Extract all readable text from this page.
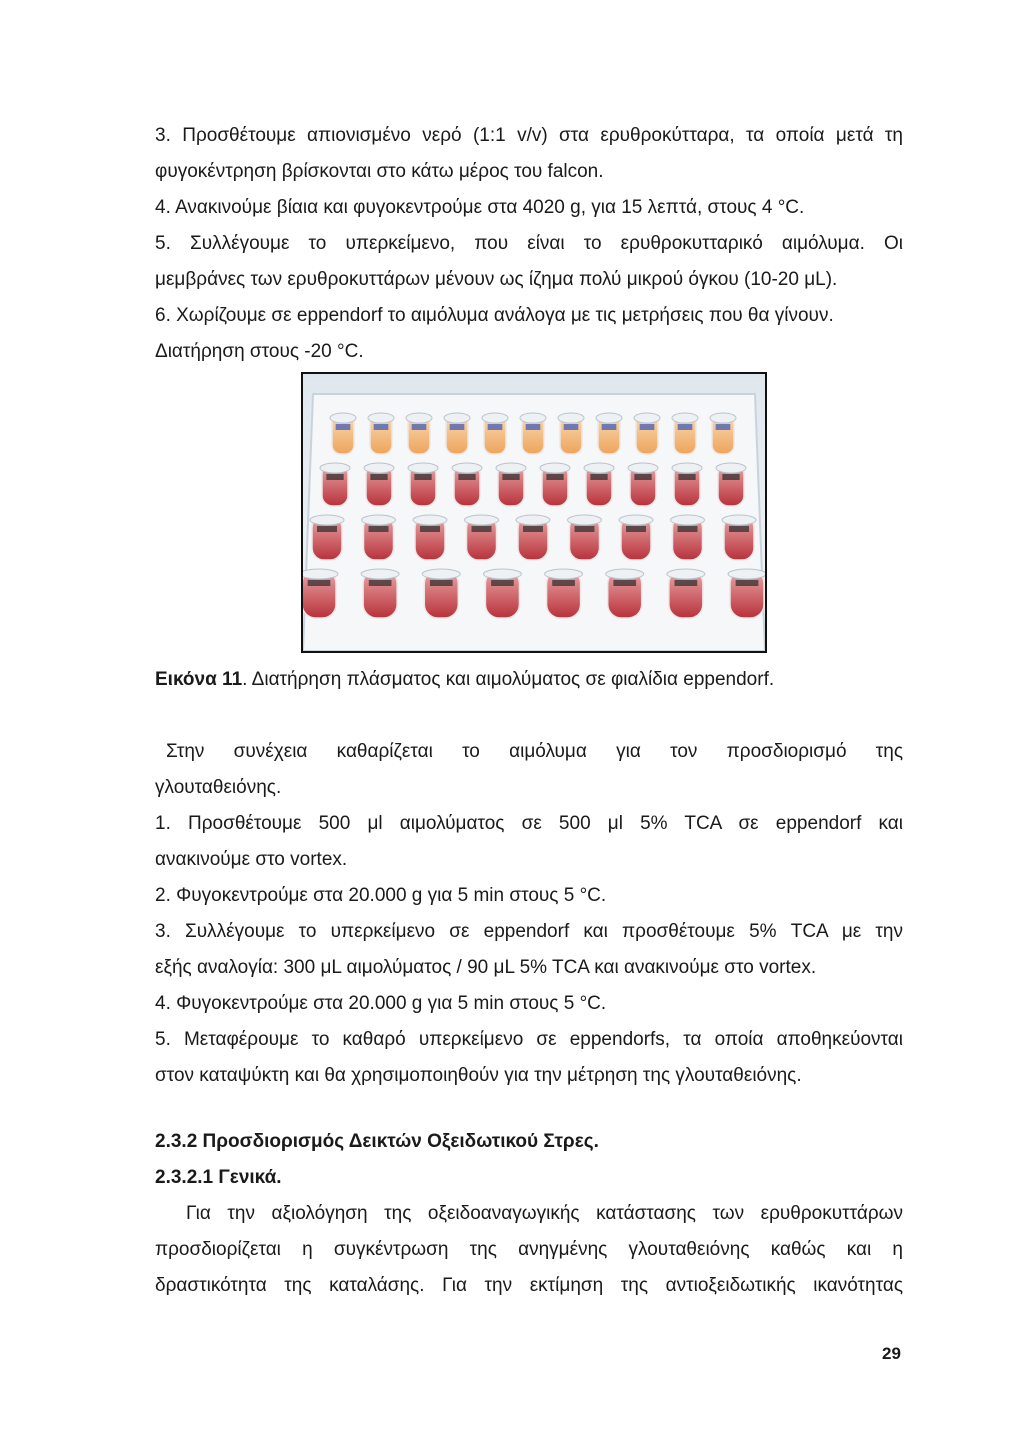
3. Προσθέτουμε απιονισμένο νερό (1:1 v/v) στα ερυθροκύτταρα, τα οποία μετά τη
φυγοκέντρηση βρίσκονται στο κάτω μέρος του falcon.
4. Ανακινούμε βίαια και φυγοκεντρούμε στα 4020 g, για 15 λεπτά, στους 4 °C.
5. Συλλέγουμε το υπερκείμενο, που είναι το ερυθροκυτταρικό αιμόλυμα. Οι
μεμβράνες των ερυθροκυττάρων μένουν ως ίζημα πολύ μικρού όγκου (10-20 μL).
6. Χωρίζουμε σε eppendorf το αιμόλυμα ανάλογα με τις μετρήσεις που θα γίνουν.
Διατήρηση στους -20 °C.
Εικόνα 11. Διατήρηση πλάσματος και αιμολύματος σε φιαλίδια eppendorf.
Στην συνέχεια καθαρίζεται το αιμόλυμα για τον προσδιορισμό της
γλουταθειόνης.
1. Προσθέτουμε 500 μl αιμολύματος σε 500 μl 5% TCA σε eppendorf και
ανακινούμε στο vortex.
2. Φυγοκεντρούμε στα 20.000 g για 5 min στους 5 °C.
3. Συλλέγουμε το υπερκείμενο σε eppendorf και προσθέτουμε 5% TCA με την
εξής αναλογία: 300 μL αιμολύματος / 90 μL 5% TCA και ανακινούμε στο vortex.
4. Φυγοκεντρούμε στα 20.000 g για 5 min στους 5 °C.
5. Μεταφέρουμε το καθαρό υπερκείμενο σε eppendorfs, τα οποία αποθηκεύονται
στον καταψύκτη και θα χρησιμοποιηθούν για την μέτρηση της γλουταθειόνης.
2.3.2 Προσδιορισμός Δεικτών Οξειδωτικού Στρες.
2.3.2.1 Γενικά.
Για την αξιολόγηση της οξειδοαναγωγικής κατάστασης των ερυθροκυττάρων
προσδιορίζεται η συγκέντρωση της ανηγμένης γλουταθειόνης καθώς και η
δραστικότητα της καταλάσης. Για την εκτίμηση της αντιοξειδωτικής ικανότητας
29
